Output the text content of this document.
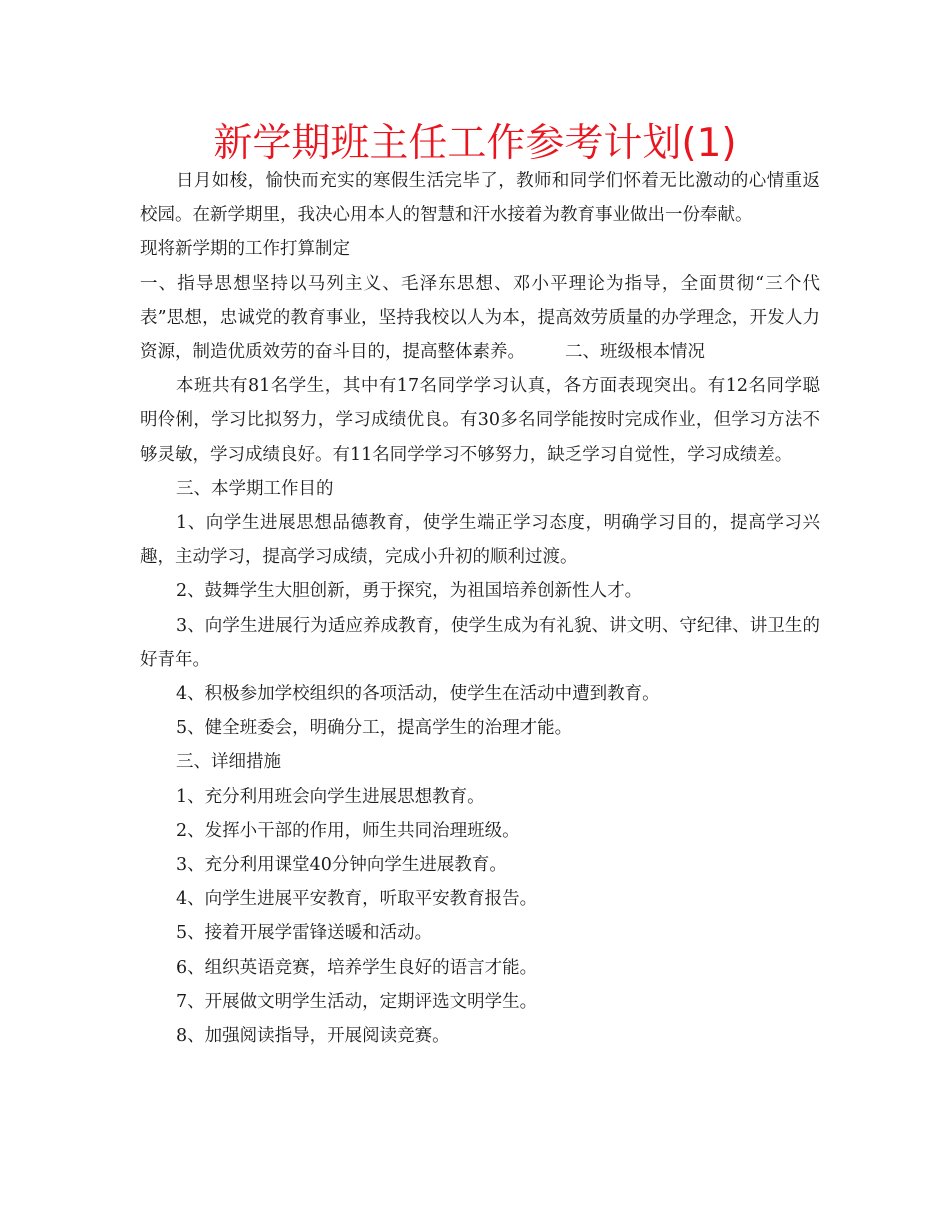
新学期班主任工作参考计划(1)

日月如梭，愉快而充实的寒假生活完毕了，教师和同学们怀着无比激动的心情重返校园。在新学期里，我决心用本人的智慧和汗水接着为教育事业做出一份奉献。

现将新学期的工作打算制定

一、指导思想坚持以马列主义、毛泽东思想、邓小平理论为指导，全面贯彻“三个代表”思想，忠诚党的教育事业，坚持我校以人为本，提高效劳质量的办学理念，开发人力资源，制造优质效劳的奋斗目的，提高整体素养。 二、班级根本情况

本班共有81名学生，其中有17名同学学习认真，各方面表现突出。有12名同学聪明伶俐，学习比拟努力，学习成绩优良。有30多名同学能按时完成作业，但学习方法不够灵敏，学习成绩良好。有11名同学学习不够努力，缺乏学习自觉性，学习成绩差。

三、本学期工作目的

1、向学生进展思想品德教育，使学生端正学习态度，明确学习目的，提高学习兴趣，主动学习，提高学习成绩，完成小升初的顺利过渡。

2、鼓舞学生大胆创新，勇于探究，为祖国培养创新性人才。

3、向学生进展行为适应养成教育，使学生成为有礼貌、讲文明、守纪律、讲卫生的好青年。

4、积极参加学校组织的各项活动，使学生在活动中遭到教育。

5、健全班委会，明确分工，提高学生的治理才能。

三、详细措施

1、充分利用班会向学生进展思想教育。

2、发挥小干部的作用，师生共同治理班级。

3、充分利用课堂40分钟向学生进展教育。

4、向学生进展平安教育，听取平安教育报告。

5、接着开展学雷锋送暖和活动。

6、组织英语竞赛，培养学生良好的语言才能。

7、开展做文明学生活动，定期评选文明学生。

8、加强阅读指导，开展阅读竞赛。
